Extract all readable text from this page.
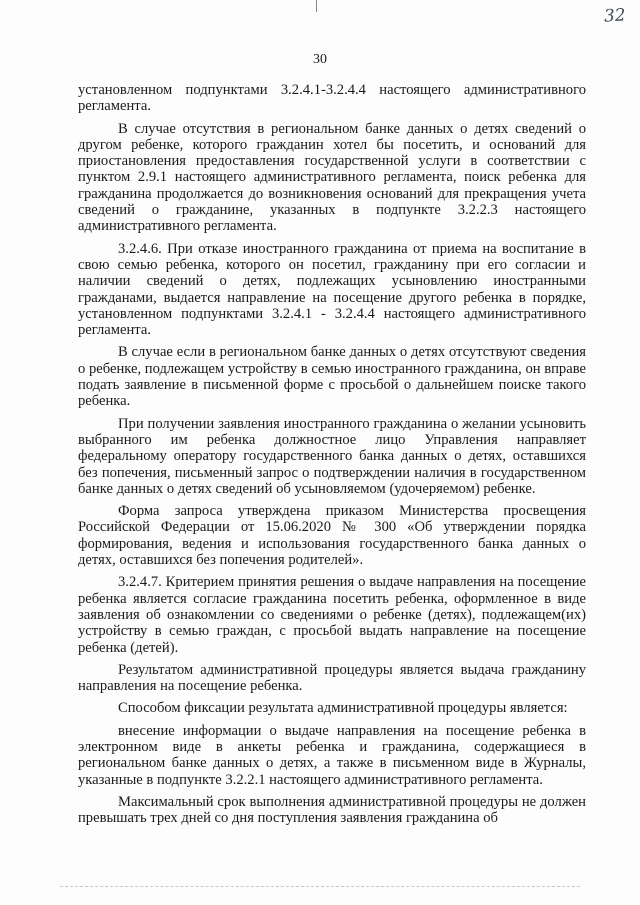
32
30

установленном подпунктами 3.2.4.1-3.2.4.4 настоящего административного регламента.

В случае отсутствия в региональном банке данных о детях сведений о другом ребенке, которого гражданин хотел бы посетить, и оснований для приостановления предоставления государственной услуги в соответствии с пунктом 2.9.1 настоящего административного регламента, поиск ребенка для гражданина продолжается до возникновения оснований для прекращения учета сведений о гражданине, указанных в подпункте 3.2.2.3 настоящего административного регламента.

3.2.4.6. При отказе иностранного гражданина от приема на воспитание в свою семью ребенка, которого он посетил, гражданину при его согласии и наличии сведений о детях, подлежащих усыновлению иностранными гражданами, выдается направление на посещение другого ребенка в порядке, установленном подпунктами 3.2.4.1 - 3.2.4.4 настоящего административного регламента.

В случае если в региональном банке данных о детях отсутствуют сведения о ребенке, подлежащем устройству в семью иностранного гражданина, он вправе подать заявление в письменной форме с просьбой о дальнейшем поиске такого ребенка.

При получении заявления иностранного гражданина о желании усыновить выбранного им ребенка должностное лицо Управления направляет федеральному оператору государственного банка данных о детях, оставшихся без попечения, письменный запрос о подтверждении наличия в государственном банке данных о детях сведений об усыновляемом (удочеряемом) ребенке.

Форма запроса утверждена приказом Министерства просвещения Российской Федерации от 15.06.2020 № 300 «Об утверждении порядка формирования, ведения и использования государственного банка данных о детях, оставшихся без попечения родителей».

3.2.4.7. Критерием принятия решения о выдаче направления на посещение ребенка является согласие гражданина посетить ребенка, оформленное в виде заявления об ознакомлении со сведениями о ребенке (детях), подлежащем(их) устройству в семью граждан, с просьбой выдать направление на посещение ребенка (детей).

Результатом административной процедуры является выдача гражданину направления на посещение ребенка.

Способом фиксации результата административной процедуры является:

внесение информации о выдаче направления на посещение ребенка в электронном виде в анкеты ребенка и гражданина, содержащиеся в региональном банке данных о детях, а также в письменном виде в Журналы, указанные в подпункте 3.2.2.1 настоящего административного регламента.

Максимальный срок выполнения административной процедуры не должен превышать трех дней со дня поступления заявления гражданина об
